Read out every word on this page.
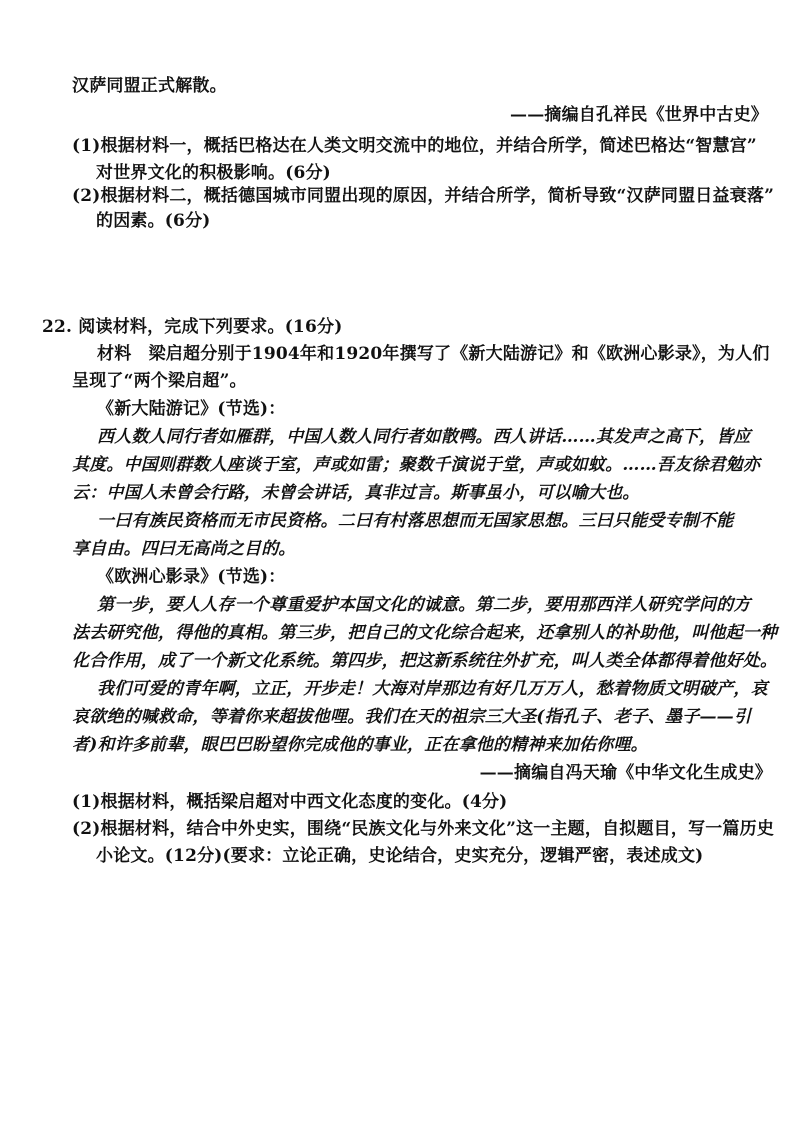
汉萨同盟正式解散。
——摘编自孔祥民《世界中古史》
(1)根据材料一，概括巴格达在人类文明交流中的地位，并结合所学，简述巴格达“智慧宫”
对世界文化的积极影响。(6分)
(2)根据材料二，概括德国城市同盟出现的原因，并结合所学，简析导致“汉萨同盟日益衰落”
的因素。(6分)
22. 阅读材料，完成下列要求。(16分)
材料　梁启超分别于1904年和1920年撰写了《新大陆游记》和《欧洲心影录》，为人们
呈现了“两个梁启超”。
《新大陆游记》(节选)：
西人数人同行者如雁群，中国人数人同行者如散鸭。西人讲话……其发声之高下，皆应
其度。中国则群数人座谈于室，声或如雷；聚数千演说于堂，声或如蚊。……吾友徐君勉亦
云：中国人未曾会行路，未曾会讲话，真非过言。斯事虽小，可以喻大也。
一曰有族民资格而无市民资格。二曰有村落思想而无国家思想。三曰只能受专制不能
享自由。四曰无高尚之目的。
《欧洲心影录》(节选)：
第一步，要人人存一个尊重爱护本国文化的诚意。第二步，要用那西洋人研究学问的方
法去研究他，得他的真相。第三步，把自己的文化综合起来，还拿别人的补助他，叫他起一种
化合作用，成了一个新文化系统。第四步，把这新系统往外扩充，叫人类全体都得着他好处。
我们可爱的青年啊，立正，开步走！大海对岸那边有好几万万人，愁着物质文明破产，哀
哀欲绝的喊救命，等着你来超拔他哩。我们在天的祖宗三大圣(指孔子、老子、墨子——引
者)和许多前辈，眼巴巴盼望你完成他的事业，正在拿他的精神来加佑你哩。
——摘编自冯天瑜《中华文化生成史》
(1)根据材料，概括梁启超对中西文化态度的变化。(4分)
(2)根据材料，结合中外史实，围绕“民族文化与外来文化”这一主题，自拟题目，写一篇历史
小论文。(12分)(要求：立论正确，史论结合，史实充分，逻辑严密，表述成文)
